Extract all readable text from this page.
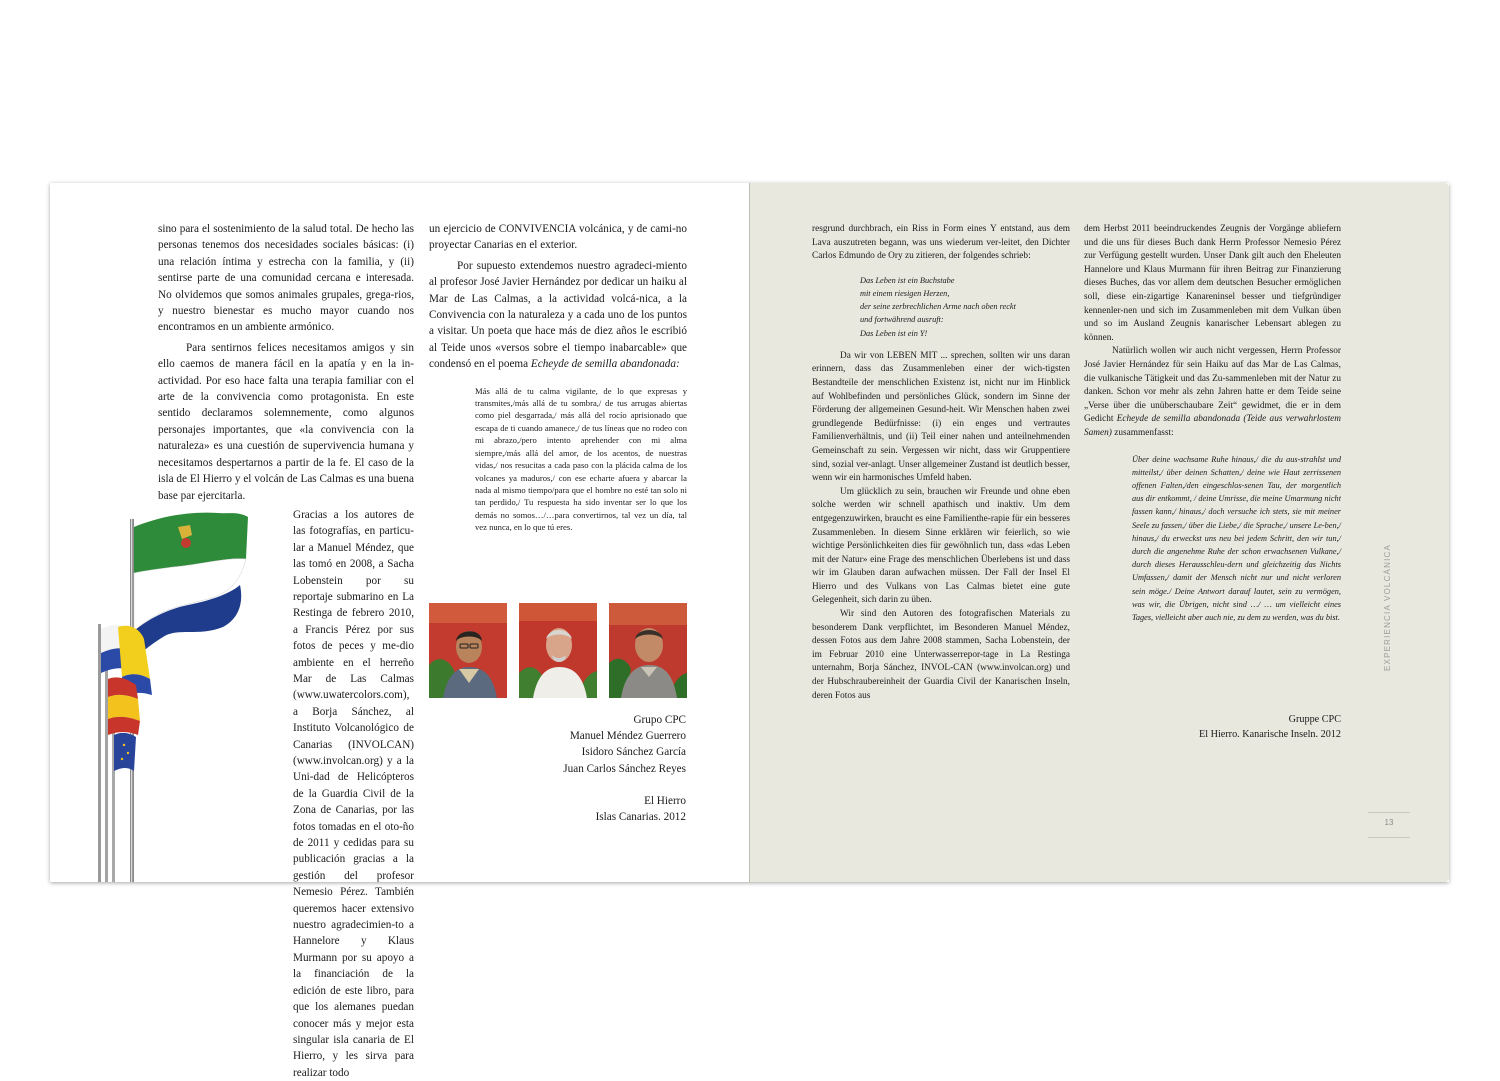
sino para el sostenimiento de la salud total. De hecho las personas tenemos dos necesidades sociales básicas: (i) una relación íntima y estrecha con la familia, y (ii) sentirse parte de una comunidad cercana e interesada. No olvidemos que somos animales grupales, grega-rios, y nuestro bienestar es mucho mayor cuando nos encontramos en un ambiente armónico.

Para sentirnos felices necesitamos amigos y sin ello caemos de manera fácil en la apatía y en la in-actividad. Por eso hace falta una terapia familiar con el arte de la convivencia como protagonista. En este sentido declaramos solemnemente, como algunos personajes importantes, que «la convivencia con la naturaleza» es una cuestión de supervivencia humana y necesitamos despertarnos a partir de la fe. El caso de la isla de El Hierro y el volcán de Las Calmas es una buena base par ejercitarla.

Gracias a los autores de las fotografías, en particu-lar a Manuel Méndez, que las tomó en 2008, a Sacha Lobenstein por su reportaje submarino en La Restinga de febrero 2010, a Francis Pérez por sus fotos de peces y me-dio ambiente en el herreño Mar de Las Calmas (www.uwatercolors.com), a Borja Sánchez, al Instituto Volcanológico de Canarias (INVOLCAN) (www.involcan.org) y a la Uni-dad de Helicópteros de la Guardia Civil de la Zona de Canarias, por las fotos tomadas en el oto-ño de 2011 y cedidas para su publicación gracias a la gestión del profesor Nemesio Pérez. También queremos hacer extensivo nuestro agradecimien-to a Hannelore y Klaus Murmann por su apoyo a la financiación de la edición de este libro, para que los alemanes puedan conocer más y mejor esta singular isla canaria de El Hierro, y les sirva para realizar todo

un ejercicio de CONVIVENCIA volcánica, y de cami-no proyectar Canarias en el exterior.

Por supuesto extendemos nuestro agradeci-miento al profesor José Javier Hernández por dedicar un haiku al Mar de Las Calmas, a la actividad volcá-nica, a la Convivencia con la naturaleza y a cada uno de los puntos a visitar. Un poeta que hace más de diez años le escribió al Teide unos «versos sobre el tiempo inabarcable» que condensó en el poema Echeyde de semilla abandonada:

Más allá de tu calma vigilante, de lo que expresas y transmites,/más allá de tu sombra,/ de tus arrugas abiertas como piel desgarrada,/ más allá del rocío aprisionado que escapa de ti cuando amanece,/ de tus líneas que no rodeo con mi abrazo,/pero intento aprehender con mi alma siempre,/más allá del amor, de los acentos, de nuestras vidas,/ nos resucitas a cada paso con la plácida calma de los volcanes ya maduros,/ con ese echarte afuera y abarcar la nada al mismo tiempo/para que el hombre no esté tan solo ni tan perdido,/ Tu respuesta ha sido inventar ser lo que los demás no somos…/…para convertirnos, tal vez un día, tal vez nunca, en lo que tú eres.

Grupo CPC
Manuel Méndez Guerrero
Isidoro Sánchez García
Juan Carlos Sánchez Reyes
El Hierro
Islas Canarias. 2012

resgrund durchbrach, ein Riss in Form eines Y entstand, aus dem Lava auszutreten begann, was uns wiederum ver-leitet, den Dichter Carlos Edmundo de Ory zu zitieren, der folgendes schrieb:

Das Leben ist ein Buchstabe
mit einem riesigen Herzen,
der seine zerbrechlichen Arme nach oben reckt
und fortwährend ausruft:
Das Leben ist ein Y!

Da wir von LEBEN MIT ... sprechen, sollten wir uns daran erinnern, dass das Zusammenleben einer der wich-tigsten Bestandteile der menschlichen Existenz ist, nicht nur im Hinblick auf Wohlbefinden und persönliches Glück, sondern im Sinne der Förderung der allgemeinen Gesund-heit. Wir Menschen haben zwei grundlegende Bedürfnisse: (i) ein enges und vertrautes Familienverhältnis, und (ii) Teil einer nahen und anteilnehmenden Gemeinschaft zu sein. Vergessen wir nicht, dass wir Gruppentiere sind, sozial ver-anlagt. Unser allgemeiner Zustand ist deutlich besser, wenn wir ein harmonisches Umfeld haben.

Um glücklich zu sein, brauchen wir Freunde und ohne eben solche werden wir schnell apathisch und inaktiv. Um dem entgegenzuwirken, braucht es eine Familienthe-rapie für ein besseres Zusammenleben. In diesem Sinne erklären wir feierlich, so wie wichtige Persönlichkeiten dies für gewöhnlich tun, dass «das Leben mit der Natur» eine Frage des menschlichen Überlebens ist und dass wir im Glauben daran aufwachen müssen. Der Fall der Insel El Hierro und des Vulkans von Las Calmas bietet eine gute Gelegenheit, sich darin zu üben.

Wir sind den Autoren des fotografischen Materials zu besonderem Dank verpflichtet, im Besonderen Manuel Méndez, dessen Fotos aus dem Jahre 2008 stammen, Sacha Lobenstein, der im Februar 2010 eine Unterwasserrepor-tage in La Restinga unternahm, Borja Sánchez, INVOL-CAN (www.involcan.org) und der Hubschraubereinheit der Guardia Civil der Kanarischen Inseln, deren Fotos aus

dem Herbst 2011 beeindruckendes Zeugnis der Vorgänge abliefern und die uns für dieses Buch dank Herrn Professor Nemesio Pérez zur Verfügung gestellt wurden. Unser Dank gilt auch den Eheleuten Hannelore und Klaus Murmann für ihren Beitrag zur Finanzierung dieses Buches, das vor allem dem deutschen Besucher ermöglichen soll, diese ein-zigartige Kanareninsel besser und tiefgründiger kennenler-nen und sich im Zusammenleben mit dem Vulkan üben und so im Ausland Zeugnis kanarischer Lebensart ablegen zu können.

Natürlich wollen wir auch nicht vergessen, Herrn Professor José Javier Hernández für sein Haiku auf das Mar de Las Calmas, die vulkanische Tätigkeit und das Zu-sammenleben mit der Natur zu danken. Schon vor mehr als zehn Jahren hatte er dem Teide seine „Verse über die unüberschaubare Zeit“ gewidmet, die er in dem Gedicht Echeyde de semilla abandonada (Teide aus verwahrlostem Samen) zusammenfasst:

Über deine wachsame Ruhe hinaus,/ die du aus-strahlst und mitteilst,/ über deinen Schatten,/ deine wie Haut zerrissenen offenen Falten,/den eingeschlos-senen Tau, der morgentlich aus dir entkommt, / deine Umrisse, die meine Umarmung nicht fassen kann,/ hinaus,/ doch versuche ich stets, sie mit meiner Seele zu fassen,/ über die Liebe,/ die Sprache,/ unsere Le-ben,/ hinaus,/ du erweckst uns neu bei jedem Schritt, den wir tun,/ durch die angenehme Ruhe der schon erwachsenen Vulkane,/ durch dieses Herausschleu-dern und gleichzeitig das Nichts Umfassen,/ damit der Mensch nicht nur und nicht verloren sein möge./ Deine Antwort darauf lautet, sein zu vermögen, was wir, die Übrigen, nicht sind …/ … um vielleicht eines Tages, vielleicht aber auch nie, zu dem zu werden, was du bist.

Gruppe CPC
El Hierro. Kanarische Inseln. 2012
EXPERIENCIA VOLCÁNICA
13
